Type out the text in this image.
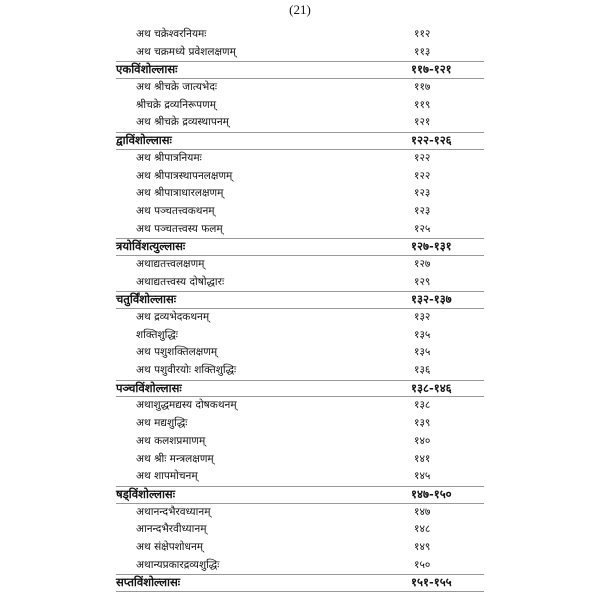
(21)
अथ चक्रेश्वरनियमः	११२
अथ चक्रमध्ये प्रवेशलक्षणम्	११३
एकविंशोल्लासः	११७-१२१
अथ श्रीचक्रे जात्यभेदः	११७
श्रीचक्रे द्रव्यनिरूपणम्	११९
अथ श्रीचक्रे द्रव्यस्थापनम्	१२१
द्वाविंशोल्लासः	१२२-१२६
अथ श्रीपात्रनियमः	१२२
अथ श्रीपात्रस्थापनलक्षणम्	१२२
अथ श्रीपात्राधारलक्षणम्	१२३
अथ पञ्चतत्त्वकथनम्	१२३
अथ पञ्चतत्त्वस्य फलम्	१२५
त्रयोविंशत्युल्लासः	१२७-१३१
अथाद्यतत्त्वलक्षणम्	१२७
अथाद्यतत्त्वस्य दोषोद्धारः	१२९
चतुर्विंशोल्लासः	१३२-१३७
अथ द्रव्यभेदकथनम्	१३२
शक्तिशुद्धिः	१३५
अथ पशुशक्तिलक्षणम्	१३५
अथ पशुवीरयोः शक्तिशुद्धिः	१३६
पञ्चविंशोल्लासः	१३८-१४६
अथाशुद्धमद्यस्य दोषकथनम्	१३८
अथ मद्यशुद्धिः	१३९
अथ कलशप्रमाणम्	१४०
अथ श्रीः मन्त्रलक्षणम्	१४१
अथ शापमोचनम्	१४५
षड्विंशोल्लासः	१४७-१५०
अथानन्दभैरवध्यानम्	१४७
आनन्दभैरवीध्यानम्	१४८
अथ संक्षेपशोधनम्	१४९
अथान्यप्रकारद्रव्यशुद्धिः	१५०
सप्तविंशोल्लासः	१५१-१५५
